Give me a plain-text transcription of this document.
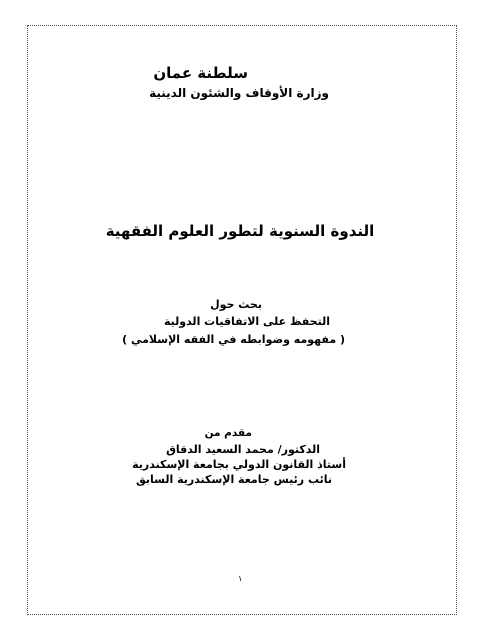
سلطنة عمان
وزارة الأوقاف والشئون الدينية
الندوة السنوية لتطور العلوم الفقهية
بحث حول
التحفظ على الاتفاقيات الدولية
( مفهومه وضوابطه في الفقه الإسلامي )
مقدم من
الدكتور/ محمد السعيد الدقاق
أستاذ القانون الدولي بجامعة الإسكندرية
نائب رئيس جامعة الإسكندرية السابق
١
